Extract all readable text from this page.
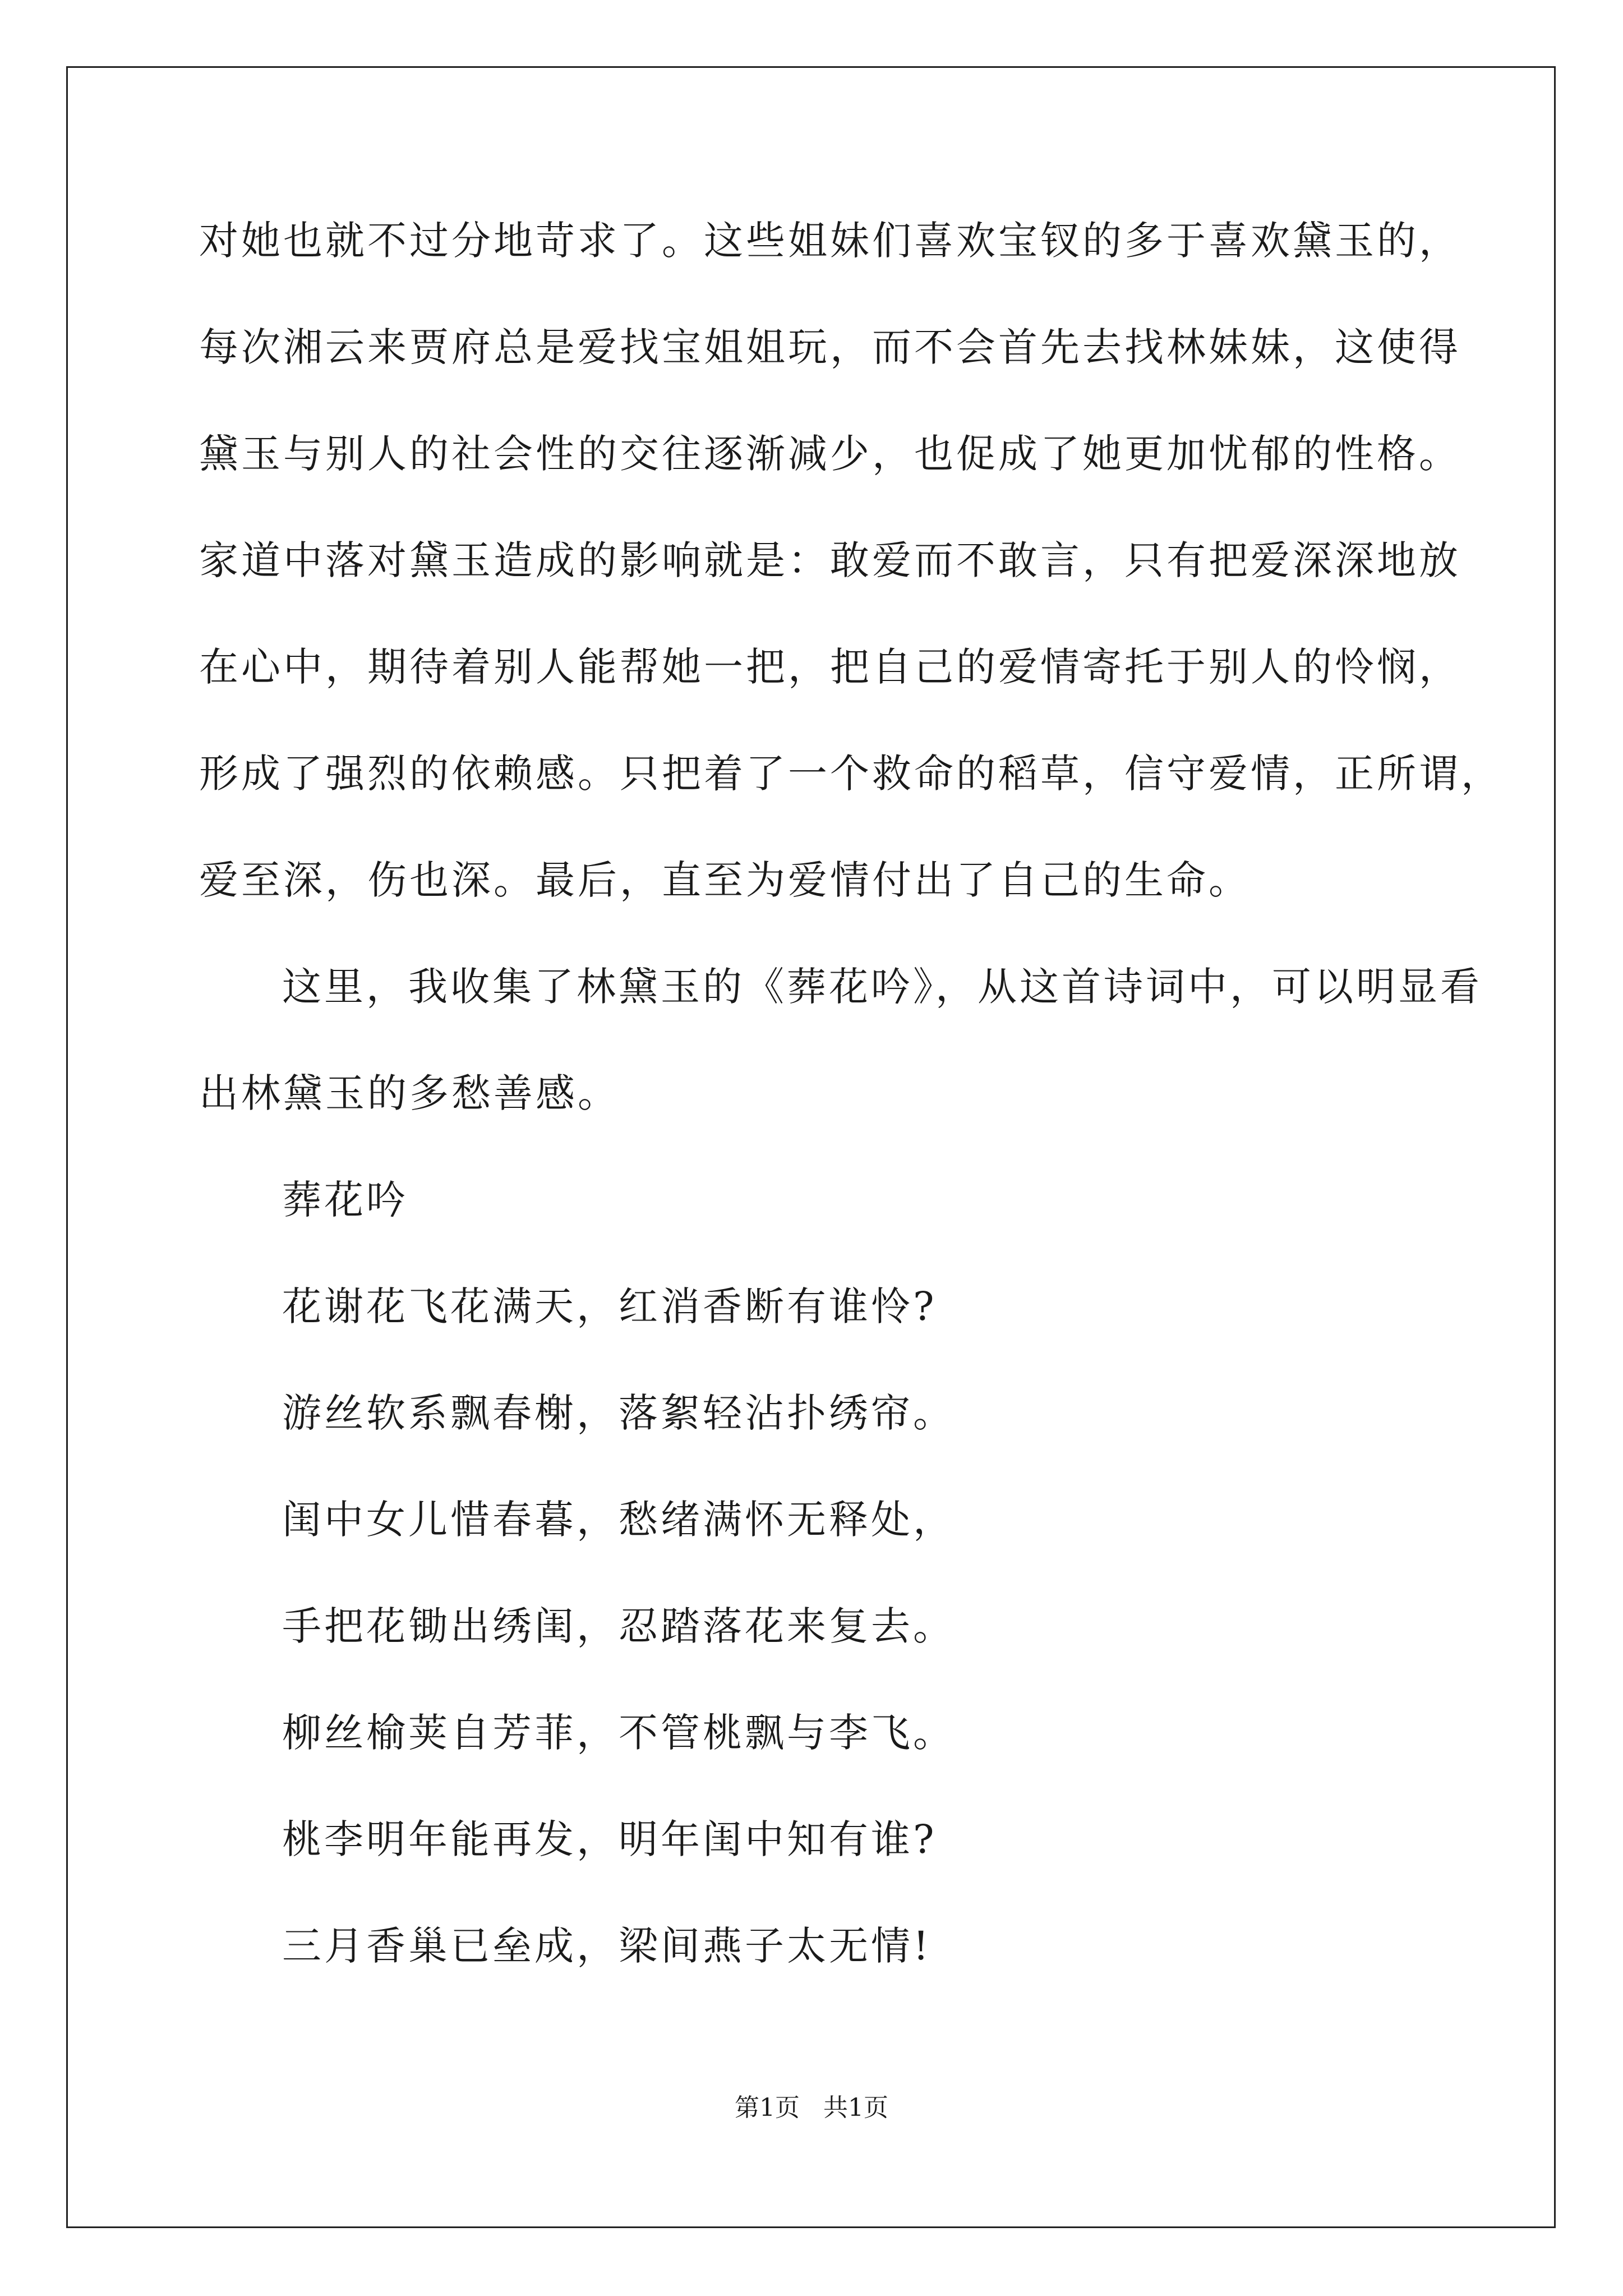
对她也就不过分地苛求了。这些姐妹们喜欢宝钗的多于喜欢黛玉的，
每次湘云来贾府总是爱找宝姐姐玩，而不会首先去找林妹妹，这使得
黛玉与别人的社会性的交往逐渐减少，也促成了她更加忧郁的性格。
家道中落对黛玉造成的影响就是：敢爱而不敢言，只有把爱深深地放
在心中，期待着别人能帮她一把，把自己的爱情寄托于别人的怜悯，
形成了强烈的依赖感。只把着了一个救命的稻草，信守爱情，正所谓，
爱至深，伤也深。最后，直至为爱情付出了自己的生命。
这里，我收集了林黛玉的《葬花吟》，从这首诗词中，可以明显看
出林黛玉的多愁善感。
葬花吟
花谢花飞花满天，红消香断有谁怜?
游丝软系飘春榭，落絮轻沾扑绣帘。
闺中女儿惜春暮，愁绪满怀无释处，
手把花锄出绣闺，忍踏落花来复去。
柳丝榆荚自芳菲，不管桃飘与李飞。
桃李明年能再发，明年闺中知有谁?
三月香巢已垒成，梁间燕子太无情!
第1页   共1页
